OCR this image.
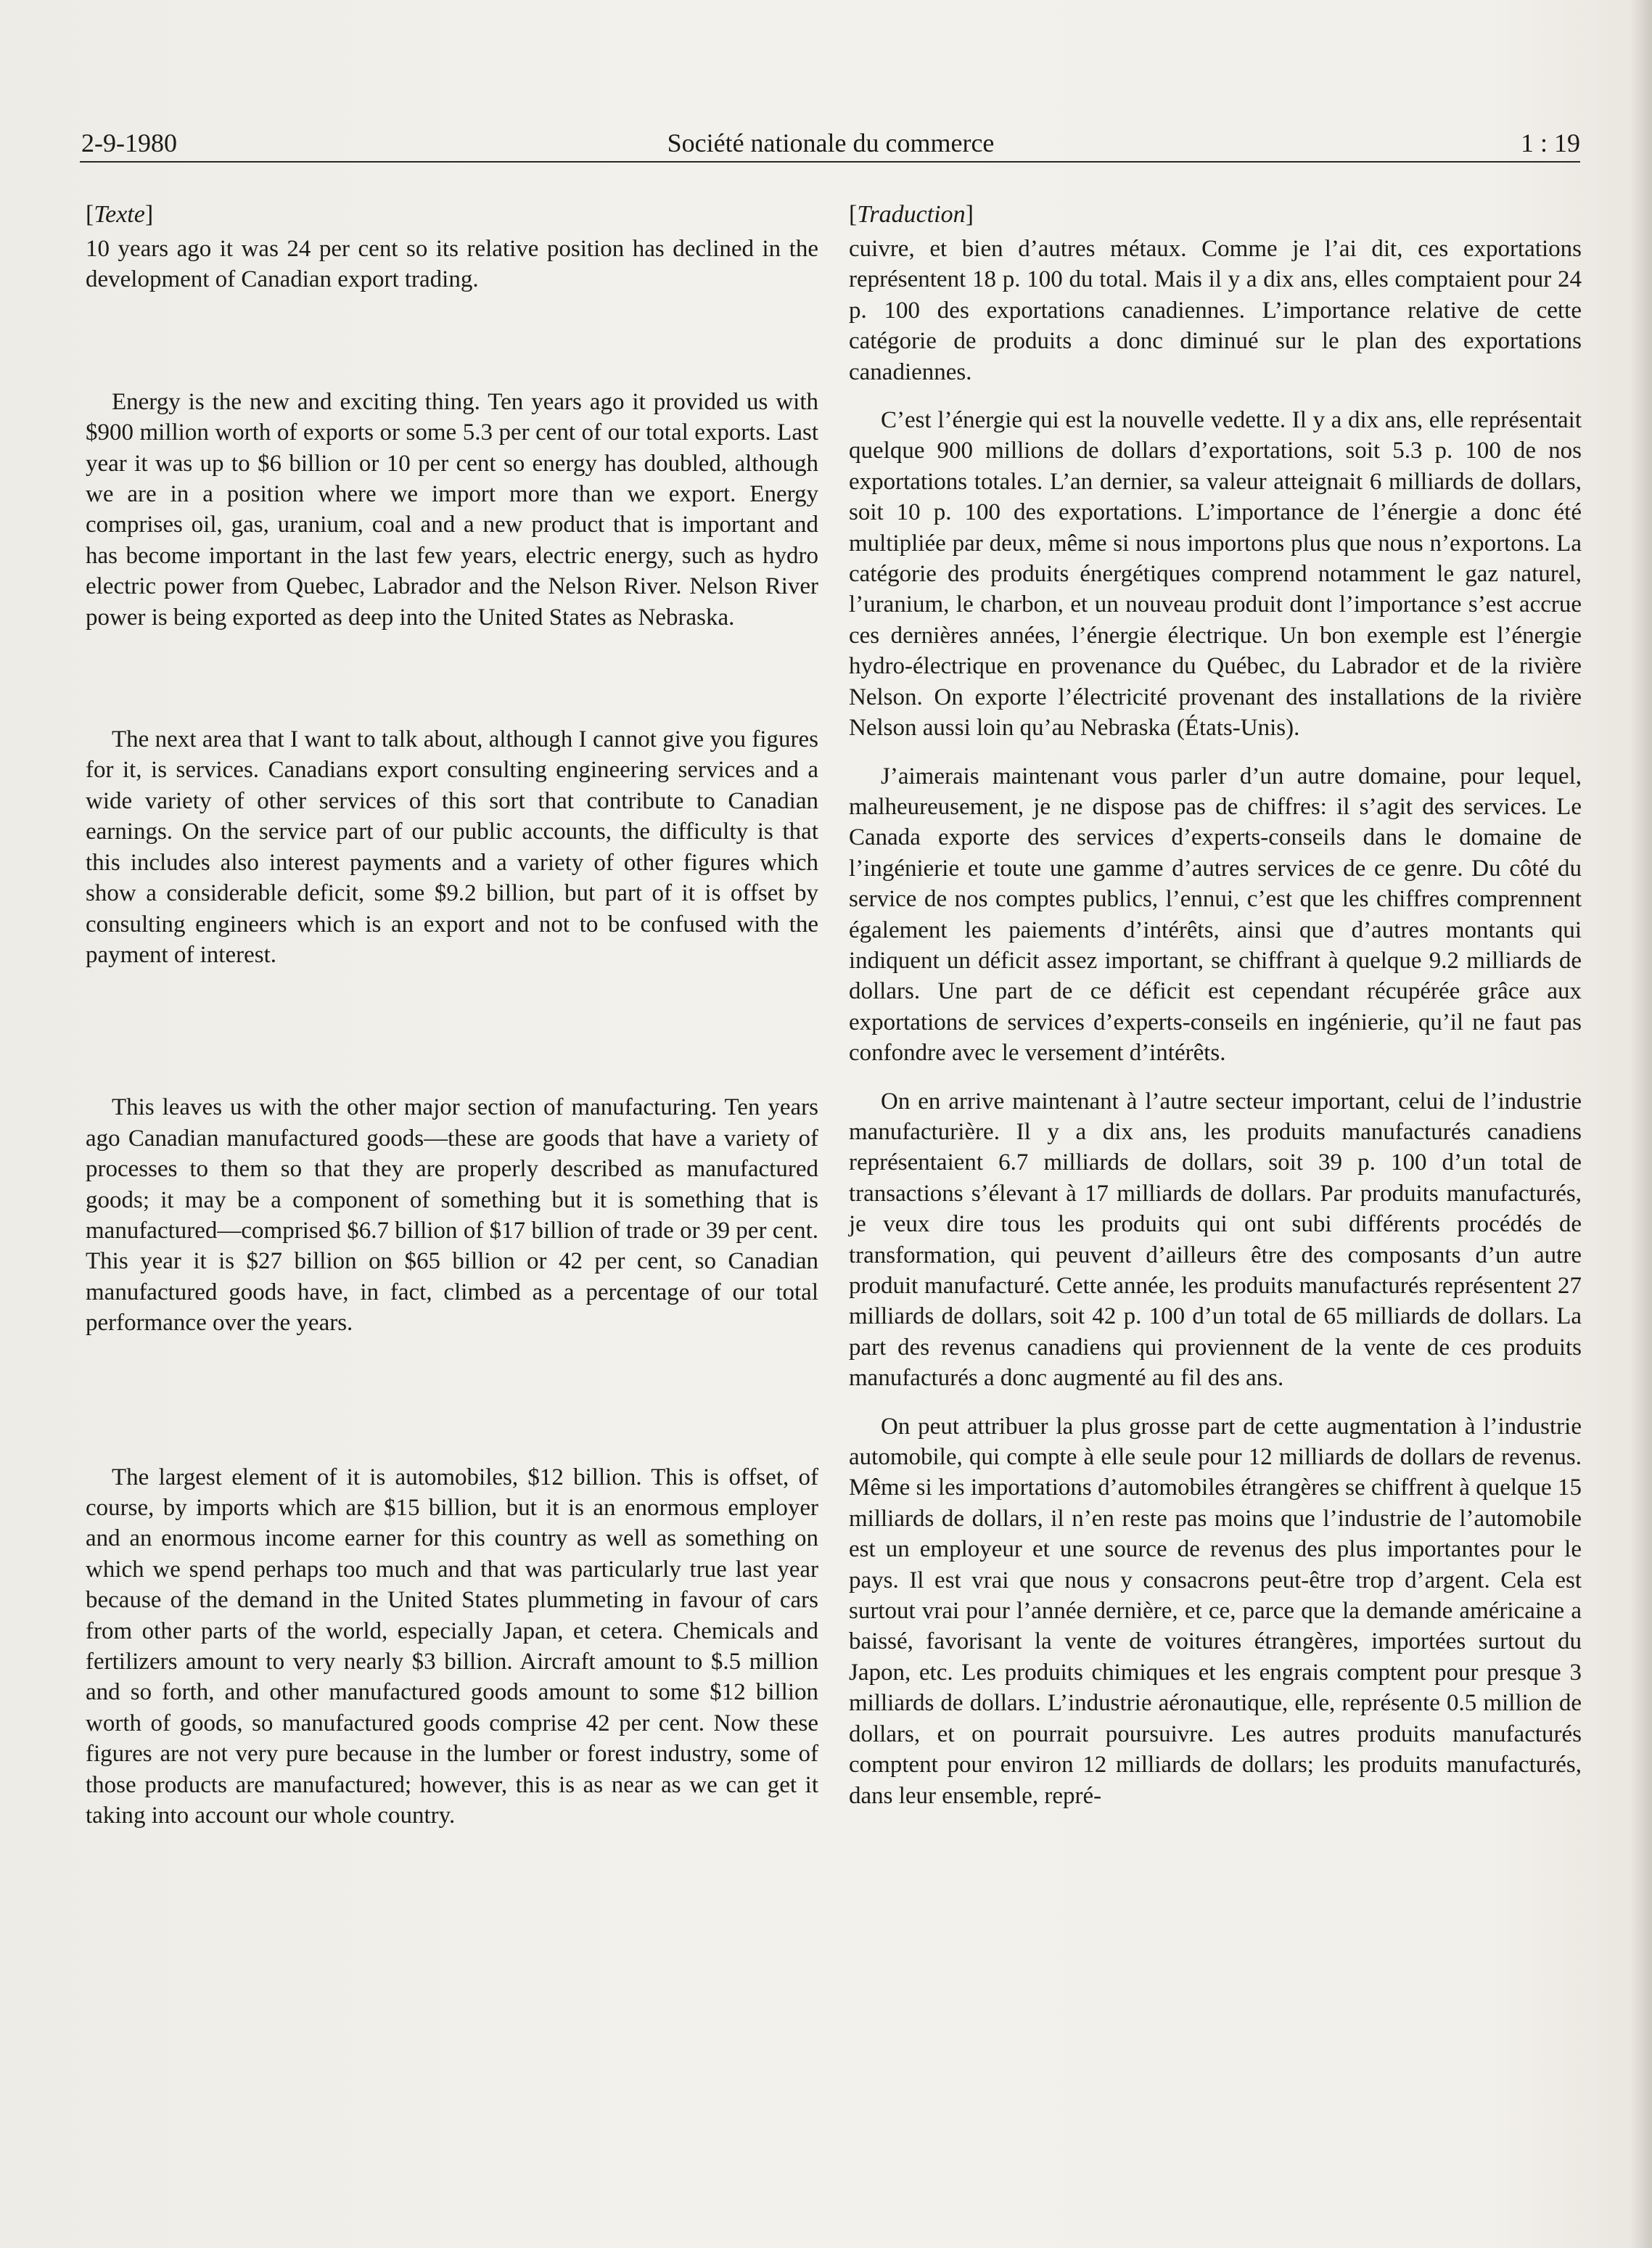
2-9-1980	Société nationale du commerce	1 : 19
[Texte]

10 years ago it was 24 per cent so its relative position has declined in the development of Canadian export trading.

Energy is the new and exciting thing. Ten years ago it provided us with $900 million worth of exports or some 5.3 per cent of our total exports. Last year it was up to $6 billion or 10 per cent so energy has doubled, although we are in a position where we import more than we export. Energy comprises oil, gas, uranium, coal and a new product that is important and has become important in the last few years, electric energy, such as hydro electric power from Quebec, Labrador and the Nelson River. Nelson River power is being exported as deep into the United States as Nebraska.

The next area that I want to talk about, although I cannot give you figures for it, is services. Canadians export consulting engineering services and a wide variety of other services of this sort that contribute to Canadian earnings. On the service part of our public accounts, the difficulty is that this includes also interest payments and a variety of other figures which show a considerable deficit, some $9.2 billion, but part of it is offset by consulting engineers which is an export and not to be confused with the payment of interest.

This leaves us with the other major section of manufacturing. Ten years ago Canadian manufactured goods—these are goods that have a variety of processes to them so that they are properly described as manufactured goods; it may be a component of something but it is something that is manufactured—comprised $6.7 billion of $17 billion of trade or 39 per cent. This year it is $27 billion on $65 billion or 42 per cent, so Canadian manufactured goods have, in fact, climbed as a percentage of our total performance over the years.

The largest element of it is automobiles, $12 billion. This is offset, of course, by imports which are $15 billion, but it is an enormous employer and an enormous income earner for this country as well as something on which we spend perhaps too much and that was particularly true last year because of the demand in the United States plummeting in favour of cars from other parts of the world, especially Japan, et cetera. Chemicals and fertilizers amount to very nearly $3 billion. Aircraft amount to $.5 million and so forth, and other manufactured goods amount to some $12 billion worth of goods, so manufactured goods comprise 42 per cent. Now these figures are not very pure because in the lumber or forest industry, some of those products are manufactured; however, this is as near as we can get it taking into account our whole country.

[Traduction]

cuivre, et bien d’autres métaux. Comme je l’ai dit, ces exportations représentent 18 p. 100 du total. Mais il y a dix ans, elles comptaient pour 24 p. 100 des exportations canadiennes. L’importance relative de cette catégorie de produits a donc diminué sur le plan des exportations canadiennes.

C’est l’énergie qui est la nouvelle vedette. Il y a dix ans, elle représentait quelque 900 millions de dollars d’exportations, soit 5.3 p. 100 de nos exportations totales. L’an dernier, sa valeur atteignait 6 milliards de dollars, soit 10 p. 100 des exportations. L’importance de l’énergie a donc été multipliée par deux, même si nous importons plus que nous n’exportons. La catégorie des produits énergétiques comprend notamment le gaz naturel, l’uranium, le charbon, et un nouveau produit dont l’importance s’est accrue ces dernières années, l’énergie électrique. Un bon exemple est l’énergie hydro-électrique en provenance du Québec, du Labrador et de la rivière Nelson. On exporte l’électricité provenant des installations de la rivière Nelson aussi loin qu’au Nebraska (États-Unis).

J’aimerais maintenant vous parler d’un autre domaine, pour lequel, malheureusement, je ne dispose pas de chiffres: il s’agit des services. Le Canada exporte des services d’experts-conseils dans le domaine de l’ingénierie et toute une gamme d’autres services de ce genre. Du côté du service de nos comptes publics, l’ennui, c’est que les chiffres comprennent également les paiements d’intérêts, ainsi que d’autres montants qui indiquent un déficit assez important, se chiffrant à quelque 9.2 milliards de dollars. Une part de ce déficit est cependant récupérée grâce aux exportations de services d’experts-conseils en ingénierie, qu’il ne faut pas confondre avec le versement d’intérêts.

On en arrive maintenant à l’autre secteur important, celui de l’industrie manufacturière. Il y a dix ans, les produits manufacturés canadiens représentaient 6.7 milliards de dollars, soit 39 p. 100 d’un total de transactions s’élevant à 17 milliards de dollars. Par produits manufacturés, je veux dire tous les produits qui ont subi différents procédés de transformation, qui peuvent d’ailleurs être des composants d’un autre produit manufacturé. Cette année, les produits manufacturés représentent 27 milliards de dollars, soit 42 p. 100 d’un total de 65 milliards de dollars. La part des revenus canadiens qui proviennent de la vente de ces produits manufacturés a donc augmenté au fil des ans.

On peut attribuer la plus grosse part de cette augmentation à l’industrie automobile, qui compte à elle seule pour 12 milliards de dollars de revenus. Même si les importations d’automobiles étrangères se chiffrent à quelque 15 milliards de dollars, il n’en reste pas moins que l’industrie de l’automobile est un employeur et une source de revenus des plus importantes pour le pays. Il est vrai que nous y consacrons peut-être trop d’argent. Cela est surtout vrai pour l’année dernière, et ce, parce que la demande américaine a baissé, favorisant la vente de voitures étrangères, importées surtout du Japon, etc. Les produits chimiques et les engrais comptent pour presque 3 milliards de dollars. L’industrie aéronautique, elle, représente 0.5 million de dollars, et on pourrait poursuivre. Les autres produits manufacturés comptent pour environ 12 milliards de dollars; les produits manufacturés, dans leur ensemble, repré-
